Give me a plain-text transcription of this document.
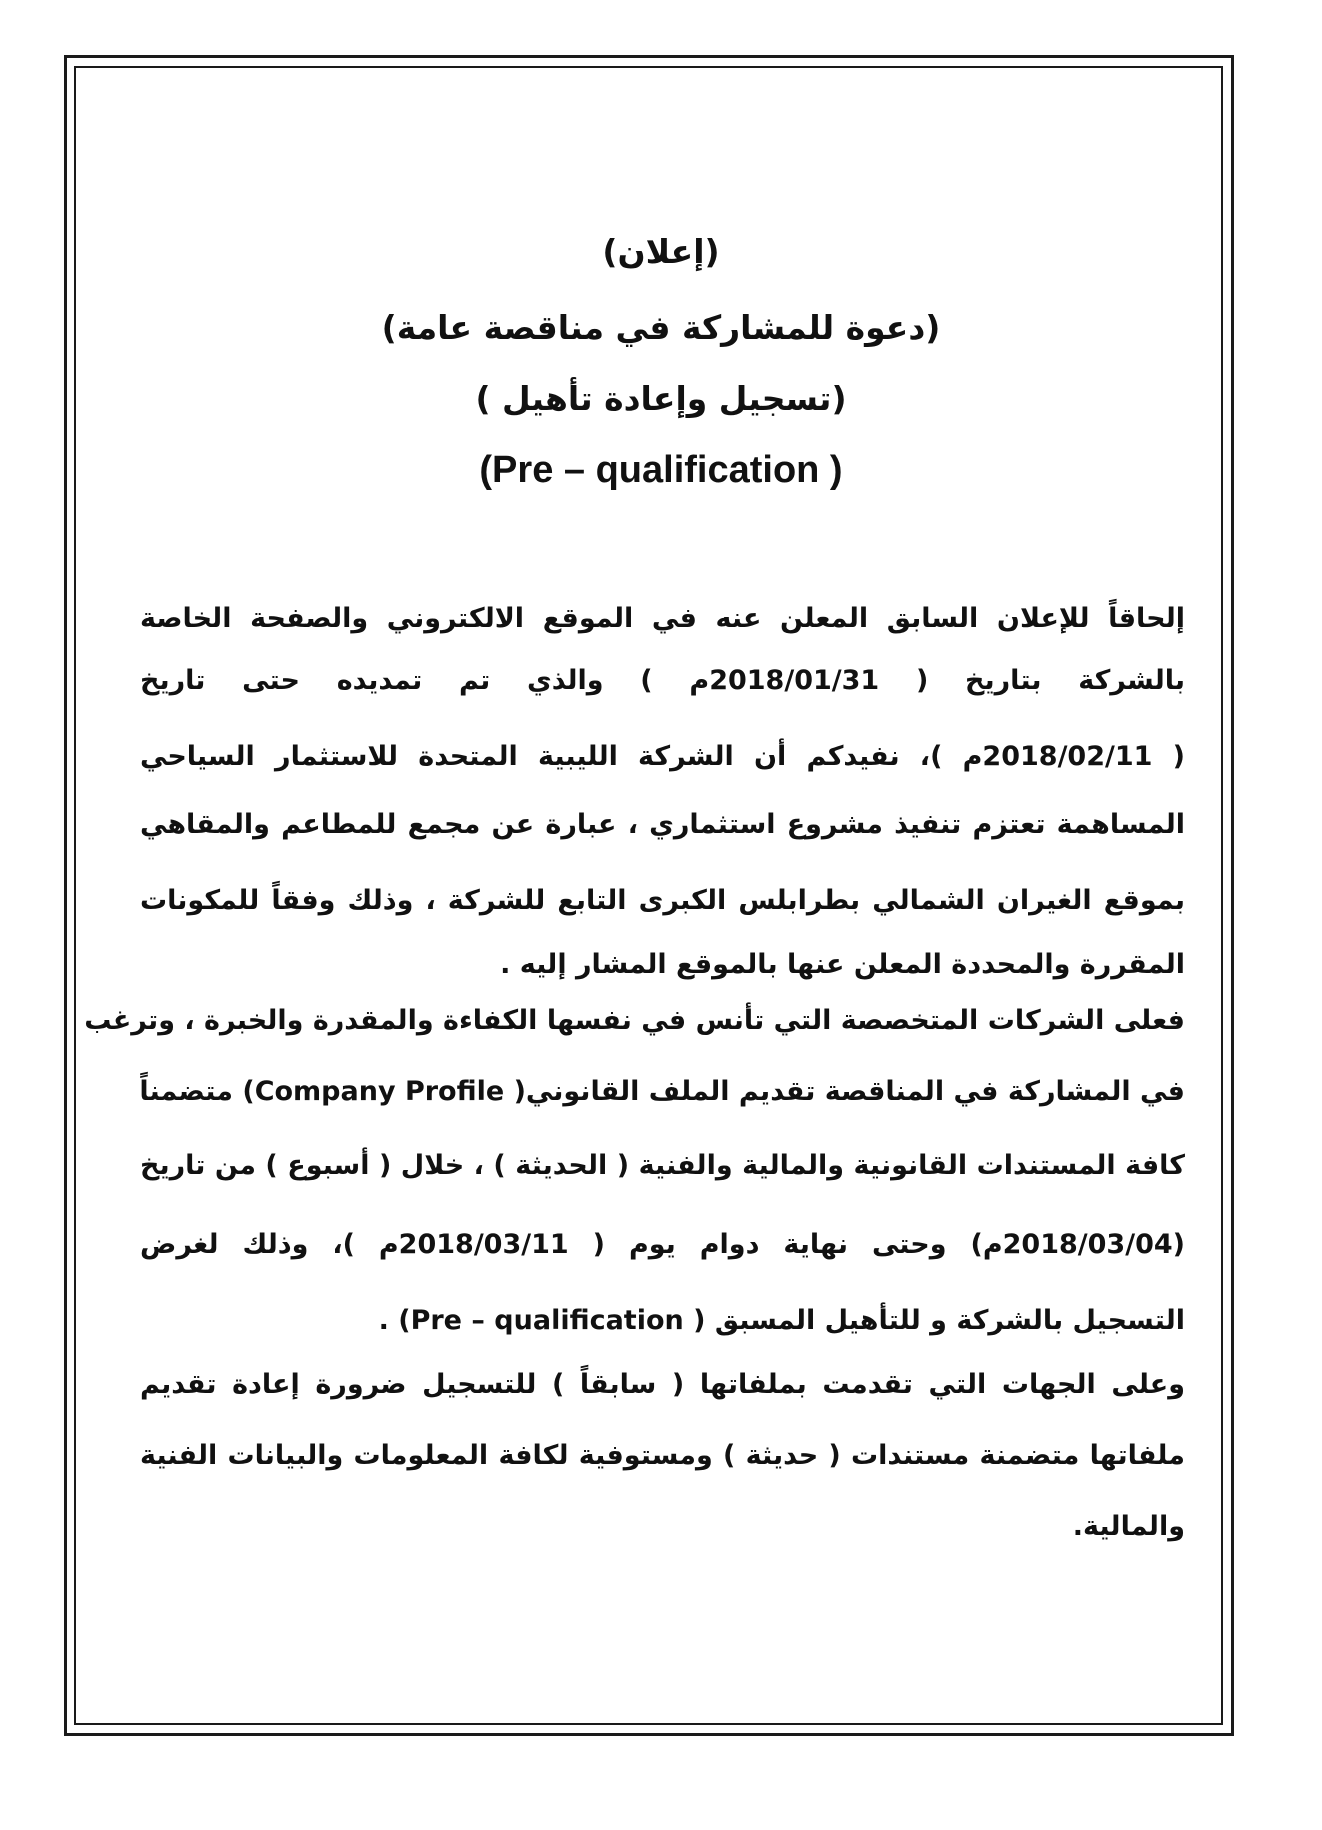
(إعلان)
(دعوة للمشاركة في مناقصة عامة)
(تسجيل وإعادة تأهيل )
(Pre – qualification )
إلحاقاً للإعلان السابق المعلن عنه في الموقع الالكتروني والصفحة الخاصة
بالشركة بتاريخ ( 2018/01/31م ) والذي تم تمديده حتى تاريخ
( 2018/02/11م )، نفيدكم أن الشركة الليبية المتحدة للاستثمار السياحي
المساهمة تعتزم تنفيذ مشروع استثماري ، عبارة عن مجمع للمطاعم والمقاهي
بموقع الغيران الشمالي بطرابلس الكبرى التابع للشركة ، وذلك وفقاً للمكونات
المقررة والمحددة المعلن عنها بالموقع المشار إليه .
فعلى الشركات المتخصصة التي تأنس في نفسها الكفاءة والمقدرة والخبرة ، وترغب
في المشاركة في المناقصة تقديم الملف القانوني( Company Profile) متضمناً
كافة المستندات القانونية والمالية والفنية ( الحديثة ) ، خلال ( أسبوع ) من تاريخ
(2018/03/04م) وحتى نهاية دوام يوم ( 2018/03/11م )، وذلك لغرض
التسجيل بالشركة و للتأهيل المسبق ( Pre – qualification) .
وعلى الجهات التي تقدمت بملفاتها ( سابقاً ) للتسجيل ضرورة إعادة تقديم
ملفاتها متضمنة مستندات ( حديثة ) ومستوفية لكافة المعلومات والبيانات الفنية
والمالية.
